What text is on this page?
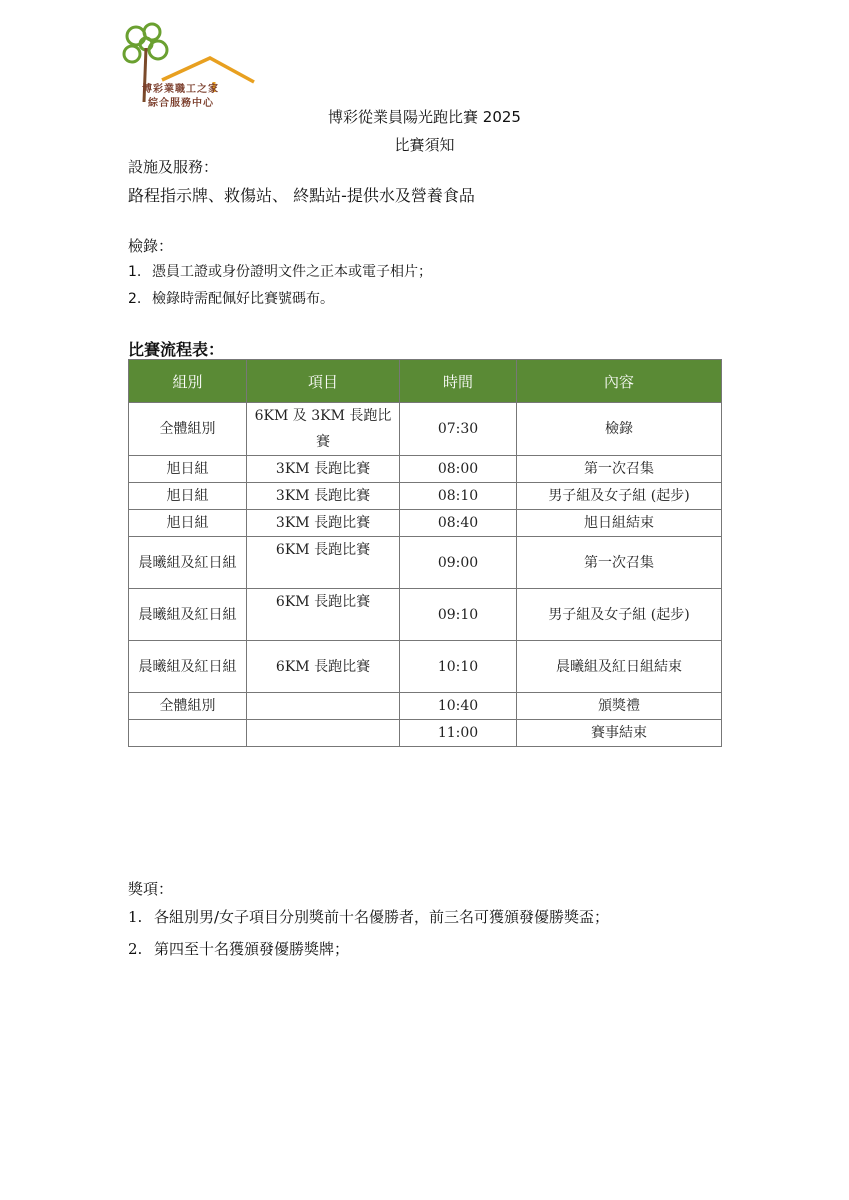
博彩業職工之家
綜合服務中心
博彩從業員陽光跑比賽 2025
比賽須知
設施及服務：
路程指示牌、救傷站、 終點站-提供水及營養食品
檢錄：
1. 憑員工證或身份證明文件之正本或電子相片；
2. 檢錄時需配佩好比賽號碼布。
比賽流程表：
組別	項目	時間	內容
全體組別	6KM 及 3KM 長跑比賽	07:30	檢錄
旭日組	3KM 長跑比賽	08:00	第一次召集
旭日組	3KM 長跑比賽	08:10	男子組及女子組 (起步)
旭日組	3KM 長跑比賽	08:40	旭日組結束
晨曦組及紅日組	6KM 長跑比賽	09:00	第一次召集
晨曦組及紅日組	6KM 長跑比賽	09:10	男子組及女子組 (起步)
晨曦組及紅日組	6KM 長跑比賽	10:10	晨曦組及紅日組結束
全體組別		10:40	頒獎禮
		11:00	賽事結束
獎項：
1. 各組別男/女子項目分別獎前十名優勝者，前三名可獲頒發優勝獎盃；
2. 第四至十名獲頒發優勝獎牌；
